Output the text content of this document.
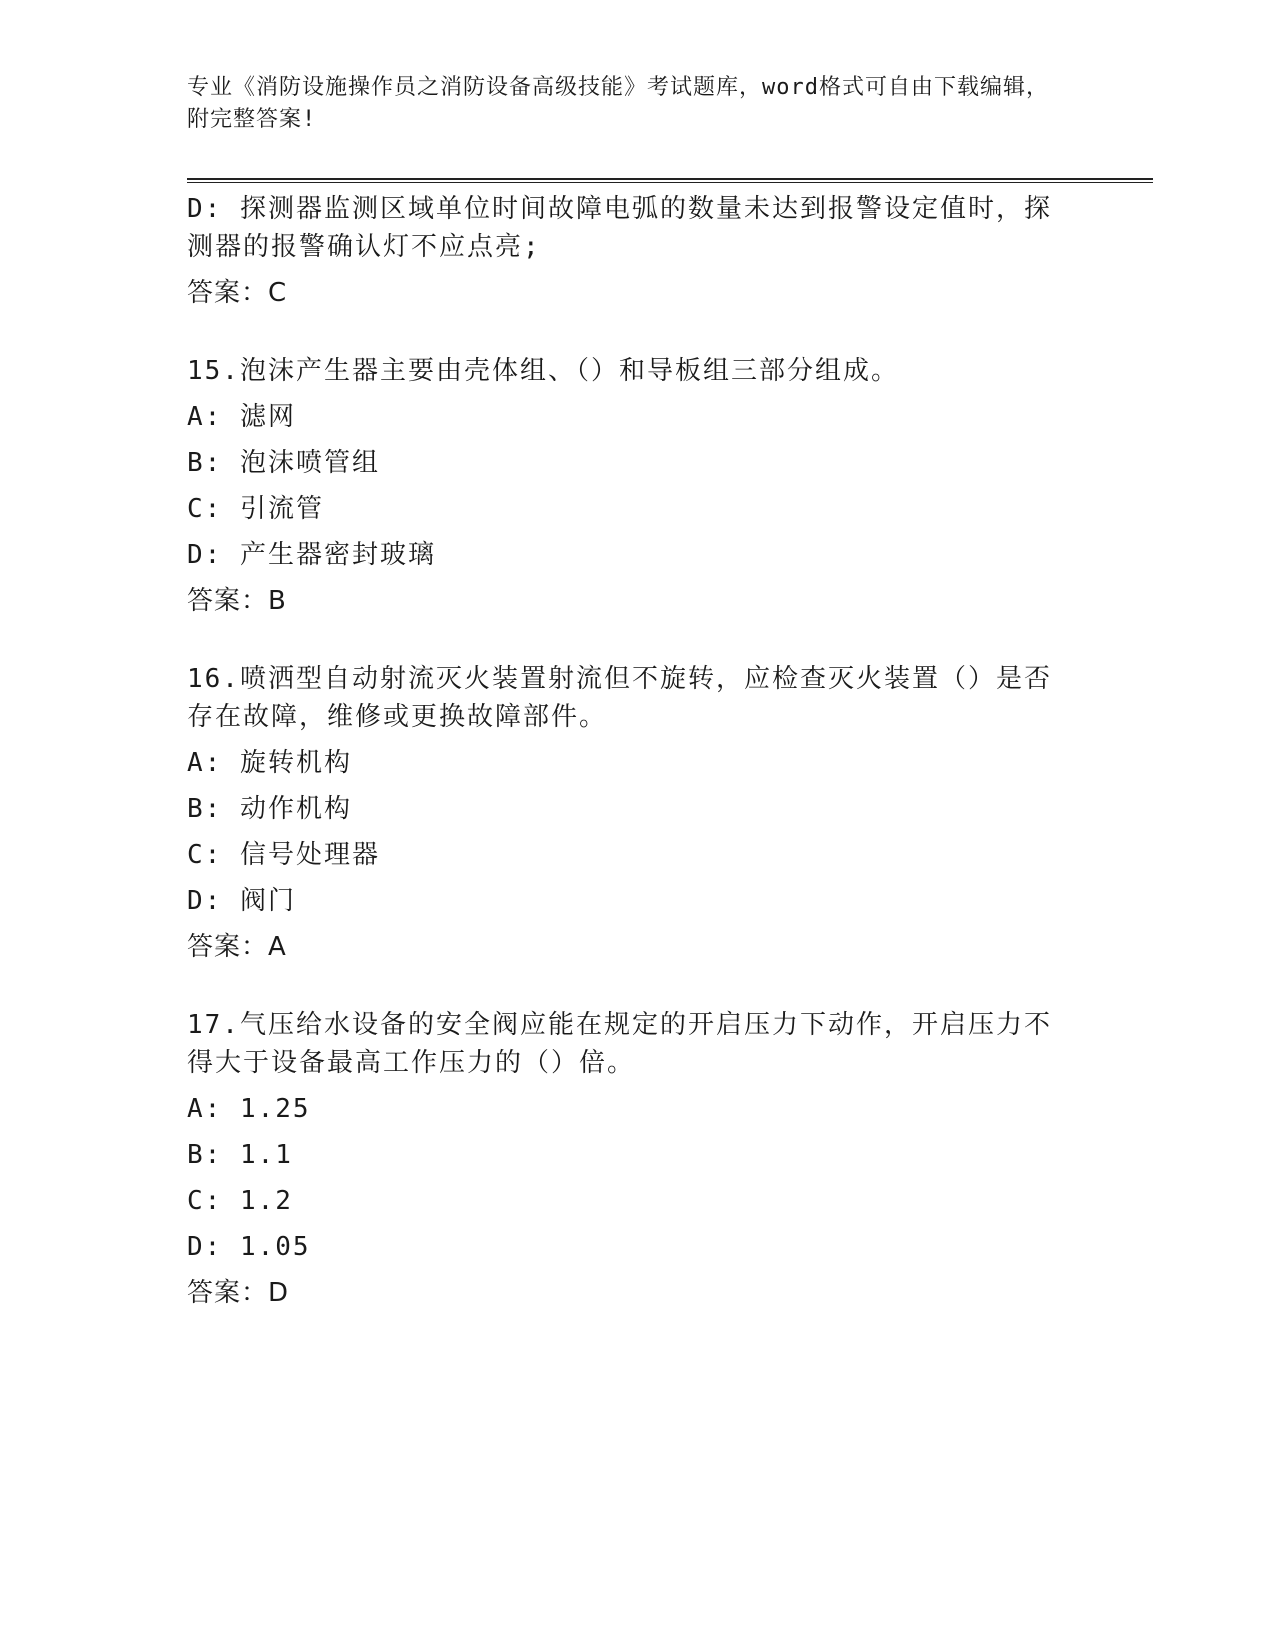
专业《消防设施操作员之消防设备高级技能》考试题库，word格式可自由下载编辑，附完整答案!
D: 探测器监测区域单位时间故障电弧的数量未达到报警设定值时，探测器的报警确认灯不应点亮;
答案：C
15.泡沫产生器主要由壳体组、（）和导板组三部分组成。
A: 滤网
B: 泡沫喷管组
C: 引流管
D: 产生器密封玻璃
答案：B
16.喷洒型自动射流灭火装置射流但不旋转，应检查灭火装置（）是否存在故障，维修或更换故障部件。
A: 旋转机构
B: 动作机构
C: 信号处理器
D: 阀门
答案：A
17.气压给水设备的安全阀应能在规定的开启压力下动作，开启压力不得大于设备最高工作压力的（）倍。
A: 1.25
B: 1.1
C: 1.2
D: 1.05
答案：D
